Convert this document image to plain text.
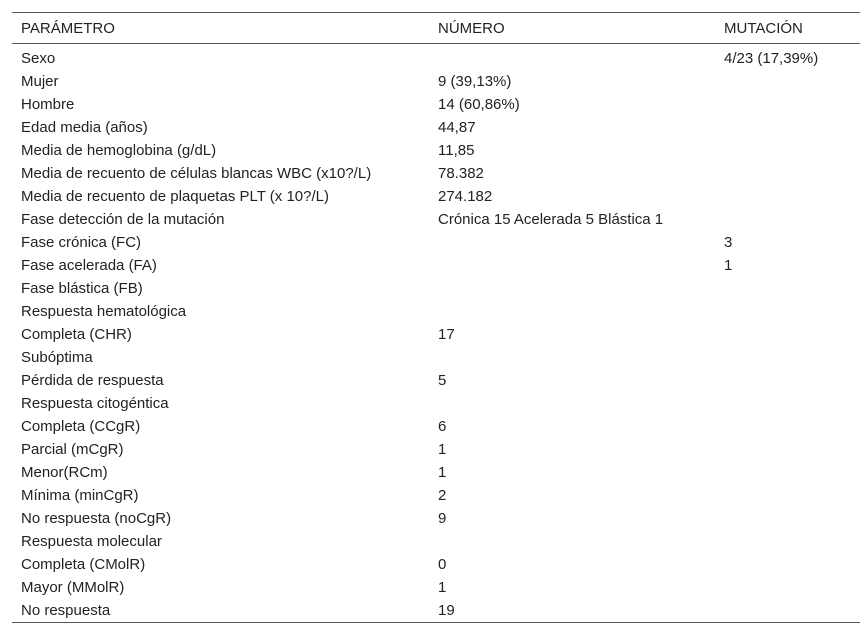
PARÁMETRO	NÚMERO	MUTACIÓN
Sexo		4/23 (17,39%)
Mujer	9 (39,13%)	
Hombre	14 (60,86%)	
Edad media (años)	44,87	
Media de hemoglobina (g/dL)	11,85	
Media de recuento de células blancas WBC (x10?/L)	78.382	
Media de recuento de plaquetas PLT (x 10?/L)	274.182	
Fase detección de la mutación	Crónica 15 Acelerada 5 Blástica 1	
Fase crónica (FC)		3
Fase acelerada (FA)		1
Fase blástica (FB)		
Respuesta hematológica		
Completa (CHR)	17	
Subóptima		
Pérdida de respuesta	5	
Respuesta citogéntica		
Completa (CCgR)	6	
Parcial (mCgR)	1	
Menor(RCm)	1	
Mínima (minCgR)	2	
No respuesta (noCgR)	9	
Respuesta molecular		
Completa (CMolR)	0	
Mayor (MMolR)	1	
No respuesta	19	
